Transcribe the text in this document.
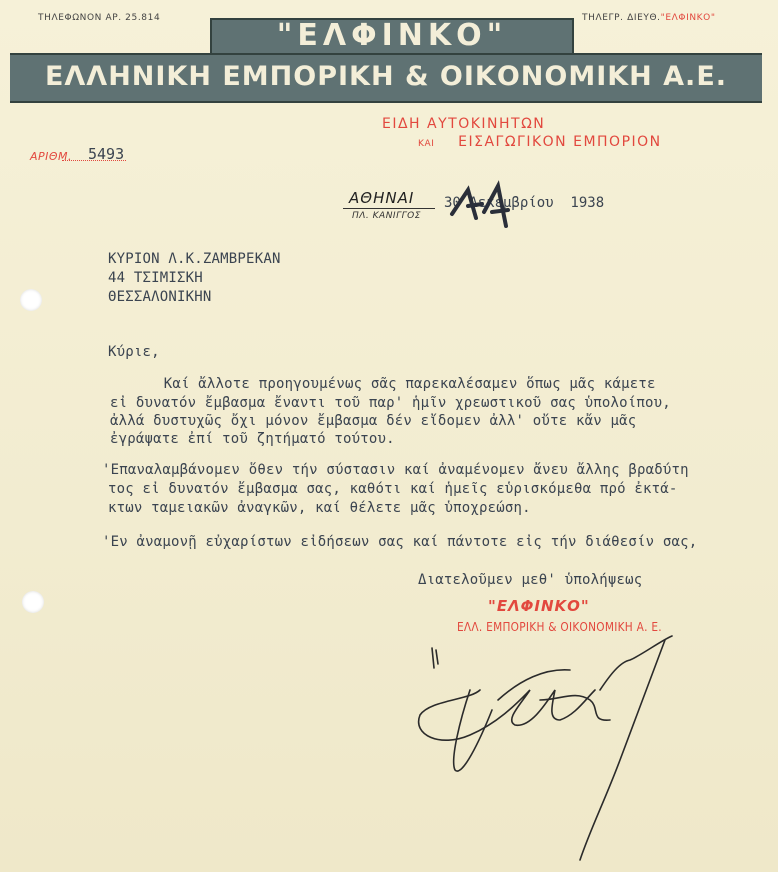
ΤΗΛΕΦΩΝΟΝ ΑΡ. 25.814	ΤΗΛΕΓΡ. ΔΙΕΥΘ."ΕΛΦΙΝΚΟ"
"ΕΛΦΙΝΚΟ"
ΕΛΛΗΝΙΚΗ ΕΜΠΟΡΙΚΗ & ΟΙΚΟΝΟΜΙΚΗ Α.Ε.
ΕΙΔΗ ΑΥΤΟΚΙΝΗΤΩΝ
ΚΑΙ ΕΙΣΑΓΩΓΙΚΟΝ ΕΜΠΟΡΙΟΝ
ΑΡΙΘΜ. 5493
ΑΘΗΝΑΙ
ΠΛ. ΚΑΝΙΓΓΟΣ
30 Δεκεμβρίου  1938
ΚΥΡΙΟΝ Λ.Κ.ΖΑΜΒΡΕΚΑΝ
44 ΤΣΙΜΙΣΚΗ
ΘΕΣΣΑΛΟΝΙΚΗΝ
Κύριε,
Καί ἄλλοτε προηγουμένως σᾶς παρεκαλέσαμεν ὅπως μᾶς κάμετε
εἰ δυνατόν ἔμβασμα ἔναντι τοῦ παρ' ἡμῖν χρεωστικοῦ σας ὑπολοίπου,
ἀλλά δυστυχῶς ὄχι μόνον ἔμβασμα δέν εἴδομεν ἀλλ' οὔτε κἄν μᾶς
ἐγράψατε ἐπί τοῦ ζητήματό τούτου.
'Επαναλαμβάνομεν ὅθεν τήν σύστασιν καί ἀναμένομεν ἄνευ ἄλλης βραδύτη
τος εἰ δυνατόν ἔμβασμα σας, καθότι καί ἡμεῖς εὑρισκόμεθα πρό ἐκτά-
κτων ταμειακῶν ἀναγκῶν, καί θέλετε μᾶς ὑποχρεώση.
'Εν ἀναμονῇ εὐχαρίστων εἰδήσεων σας καί πάντοτε εἰς τήν διάθεσίν σας,
Διατελοῦμεν μεθ' ὑπολήψεως
"ΕΛΦΙΝΚΟ"
ΕΛΛ. ΕΜΠΟΡΙΚΗ & ΟΙΚΟΝΟΜΙΚΗ Α. Ε.
